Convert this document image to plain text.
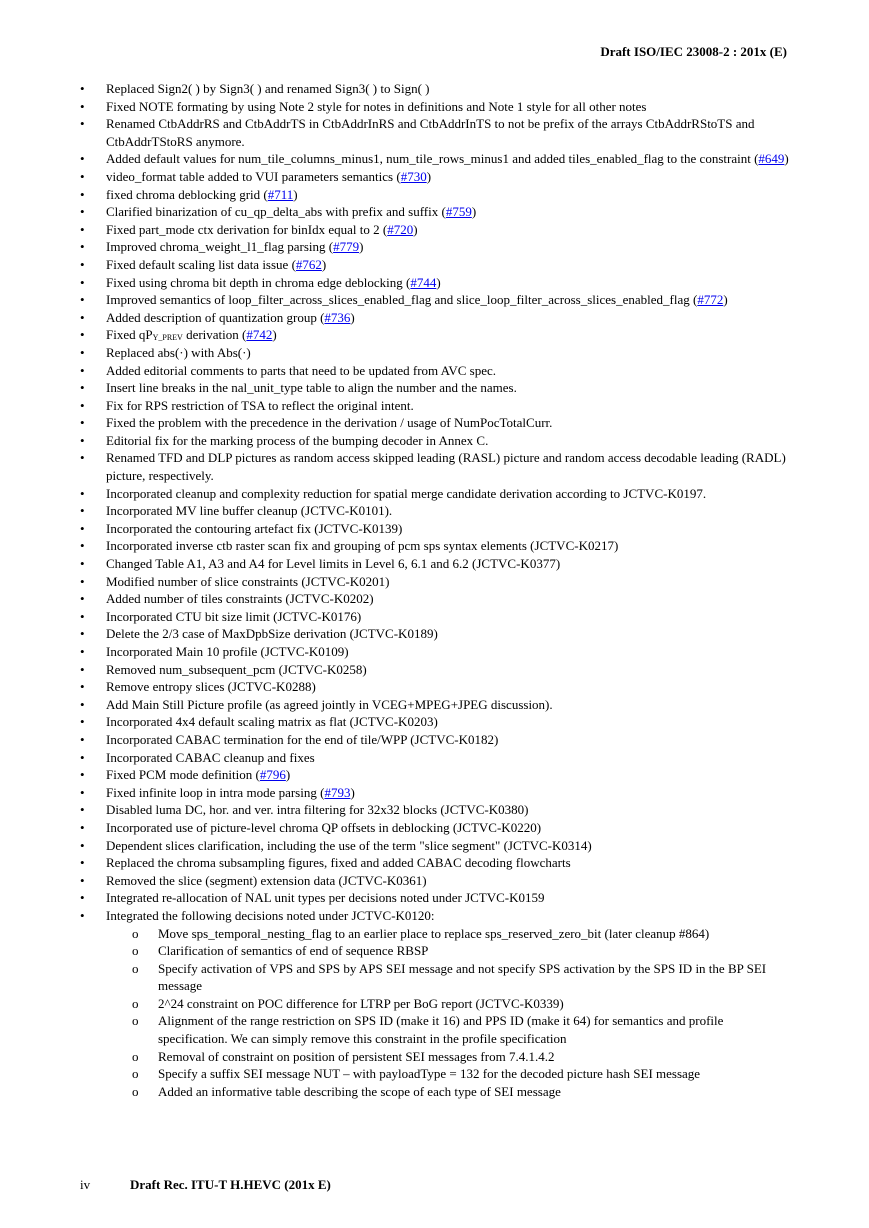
Draft ISO/IEC 23008-2 : 201x (E)
• Replaced Sign2( ) by Sign3( ) and renamed Sign3( ) to Sign( )
• Fixed NOTE formating by using Note 2 style for notes in definitions and Note 1 style for all other notes
• Renamed CtbAddrRS and CtbAddrTS in CtbAddrInRS and CtbAddrInTS to not be prefix of the arrays CtbAddrRStoTS and CtbAddrTStoRS anymore.
• Added default values for num_tile_columns_minus1, num_tile_rows_minus1 and added tiles_enabled_flag to the constraint (#649)
• video_format table added to VUI parameters semantics (#730)
• fixed chroma deblocking grid (#711)
• Clarified binarization of cu_qp_delta_abs with prefix and suffix (#759)
• Fixed part_mode ctx derivation for binIdx equal to 2 (#720)
• Improved chroma_weight_l1_flag parsing (#779)
• Fixed default scaling list data issue (#762)
• Fixed using chroma bit depth in chroma edge deblocking (#744)
• Improved semantics of loop_filter_across_slices_enabled_flag and slice_loop_filter_across_slices_enabled_flag (#772)
• Added description of quantization group (#736)
• Fixed $qP_{Y\_PREV}$ derivation (#742)
• Replaced abs(·) with Abs(·)
• Added editorial comments to parts that need to be updated from AVC spec.
• Insert line breaks in the nal_unit_type table to align the number and the names.
• Fix for RPS restriction of TSA to reflect the original intent.
• Fixed the problem with the precedence in the derivation / usage of NumPocTotalCurr.
• Editorial fix for the marking process of the bumping decoder in Annex C.
• Renamed TFD and DLP pictures as random access skipped leading (RASL) picture and random access decodable leading (RADL) picture, respectively.
• Incorporated cleanup and complexity reduction for spatial merge candidate derivation according to JCTVC-K0197.
• Incorporated MV line buffer cleanup (JCTVC-K0101).
• Incorporated the contouring artefact fix (JCTVC-K0139)
• Incorporated inverse ctb raster scan fix and grouping of pcm sps syntax elements (JCTVC-K0217)
• Changed Table A1, A3 and A4 for Level limits in Level 6, 6.1 and 6.2 (JCTVC-K0377)
• Modified number of slice constraints (JCTVC-K0201)
• Added number of tiles constraints (JCTVC-K0202)
• Incorporated CTU bit size limit (JCTVC-K0176)
• Delete the 2/3 case of MaxDpbSize derivation (JCTVC-K0189)
• Incorporated Main 10 profile (JCTVC-K0109)
• Removed num_subsequent_pcm (JCTVC-K0258)
• Remove entropy slices (JCTVC-K0288)
• Add Main Still Picture profile (as agreed jointly in VCEG+MPEG+JPEG discussion).
• Incorporated 4x4 default scaling matrix as flat (JCTVC-K0203)
• Incorporated CABAC termination for the end of tile/WPP (JCTVC-K0182)
• Incorporated CABAC cleanup and fixes
• Fixed PCM mode definition (#796)
• Fixed infinite loop in intra mode parsing (#793)
• Disabled luma DC, hor. and ver. intra filtering for 32x32 blocks (JCTVC-K0380)
• Incorporated use of picture-level chroma QP offsets in deblocking (JCTVC-K0220)
• Dependent slices clarification, including the use of the term "slice segment" (JCTVC-K0314)
• Replaced the chroma subsampling figures, fixed and added CABAC decoding flowcharts
• Removed the slice (segment) extension data (JCTVC-K0361)
• Integrated re-allocation of NAL unit types per decisions noted under JCTVC-K0159
• Integrated the following decisions noted under JCTVC-K0120:
o Move sps_temporal_nesting_flag to an earlier place to replace sps_reserved_zero_bit (later cleanup #864)
o Clarification of semantics of end of sequence RBSP
o Specify activation of VPS and SPS by APS SEI message and not specify SPS activation by the SPS ID in the BP SEI message
o 2^24 constraint on POC difference for LTRP per BoG report (JCTVC-K0339)
o Alignment of the range restriction on SPS ID (make it 16) and PPS ID (make it 64) for semantics and profile specification. We can simply remove this constraint in the profile specification
o Removal of constraint on position of persistent SEI messages from 7.4.1.4.2
o Specify a suffix SEI message NUT – with payloadType = 132 for the decoded picture hash SEI message
o Added an informative table describing the scope of each type of SEI message
iv	Draft Rec. ITU-T H.HEVC (201x E)
